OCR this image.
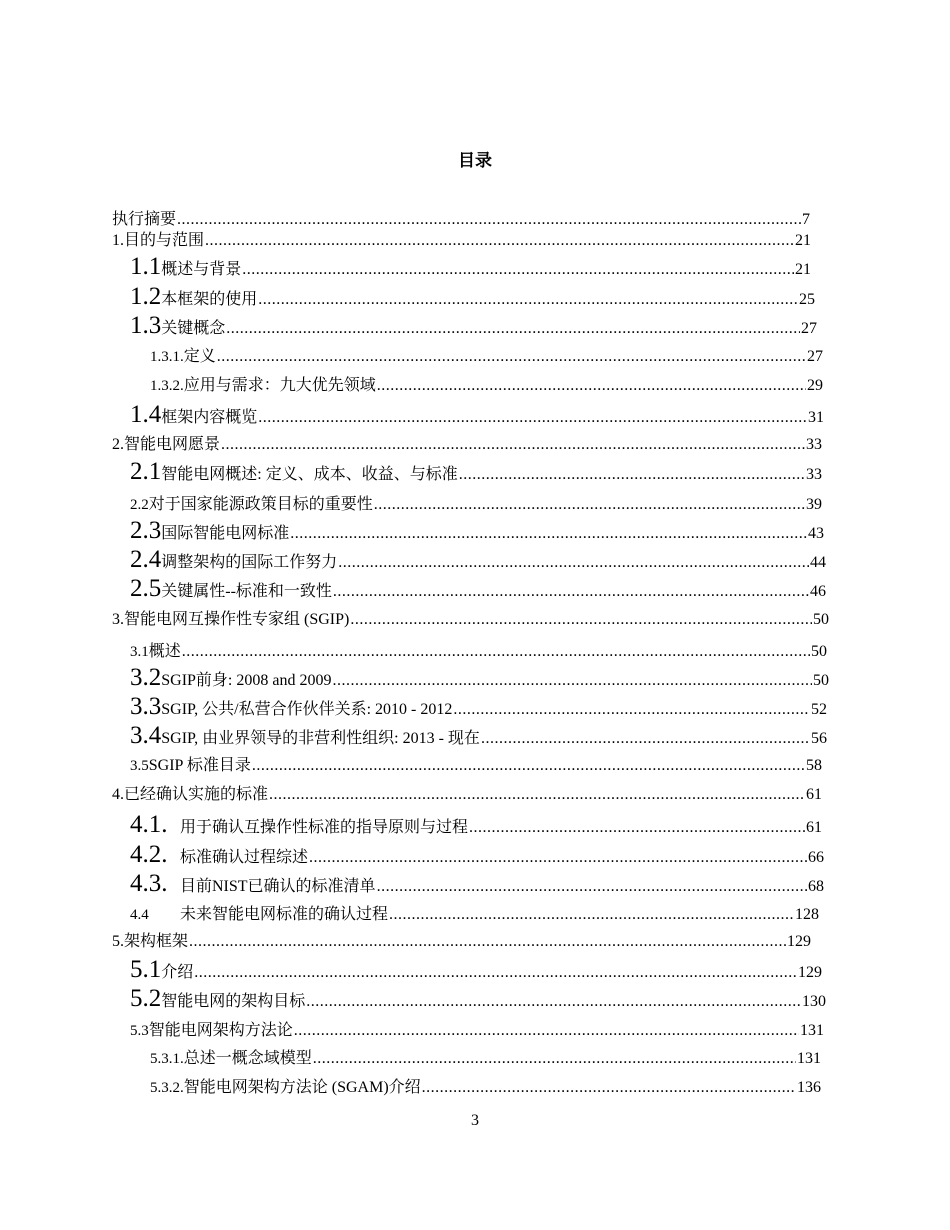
目录
执行摘要 .....	7
1. 目的与范围 .....	21
1.1 概述与背景 .....	21
1.2 本框架的使用 .....	25
1.3 关键概念 .....	27
1.3.1. 定义 .....	27
1.3.2. 应用与需求：九大优先领域 .....	29
1.4 框架内容概览 .....	31
2. 智能电网愿景 .....	33
2.1 智能电网概述: 定义、成本、收益、与标准 .....	33
2.2 对于国家能源政策目标的重要性 .....	39
2.3 国际智能电网标准 .....	43
2.4 调整架构的国际工作努力 .....	44
2.5 关键属性--标准和一致性 .....	46
3. 智能电网互操作性专家组 (SGIP) .....	50
3.1 概述 .....	50
3.2 SGIP前身: 2008 and 2009 .....	50
3.3 SGIP, 公共/私营合作伙伴关系: 2010 - 2012 .....	52
3.4 SGIP, 由业界领导的非营利性组织: 2013 - 现在 .....	56
3.5 SGIP 标准目录 .....	58
4. 已经确认实施的标准 .....	61
4.1. 用于确认互操作性标准的指导原则与过程 .....	61
4.2. 标准确认过程综述 .....	66
4.3. 目前NIST已确认的标准清单 .....	68
4.4	未来智能电网标准的确认过程 .....	128
5. 架构框架 .....	129
5.1 介绍 .....	129
5.2 智能电网的架构目标 .....	130
5.3 智能电网架构方法论 .....	131
5.3.1. 总述一概念域模型 .....	131
5.3.2. 智能电网架构方法论 (SGAM)介绍 .....	136
3
